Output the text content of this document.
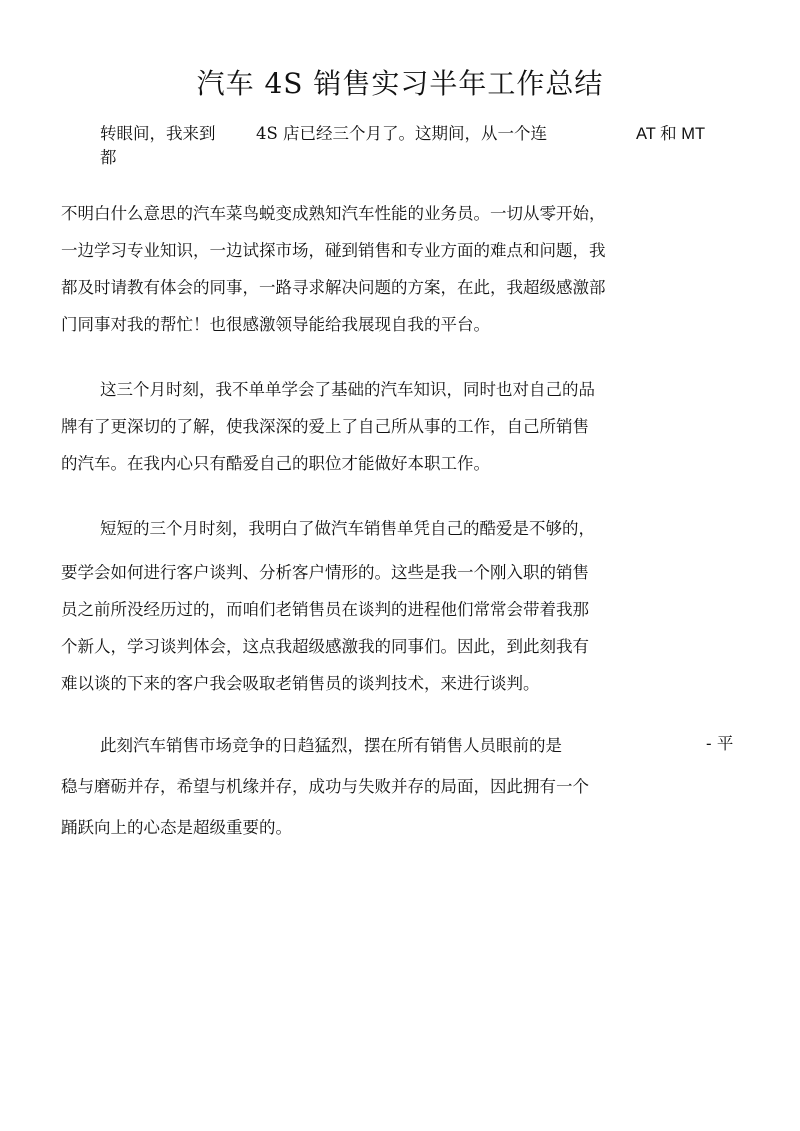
汽车 4S 销售实习半年工作总结
转眼间，我来到 4S 店已经三个月了。这期间，从一个连	AT 和 MT
都
不明白什么意思的汽车菜鸟蜕变成熟知汽车性能的业务员。一切从零开始，
一边学习专业知识，一边试探市场，碰到销售和专业方面的难点和问题，我
都及时请教有体会的同事，一路寻求解决问题的方案，在此，我超级感激部
门同事对我的帮忙！也很感激领导能给我展现自我的平台。
这三个月时刻，我不单单学会了基础的汽车知识，同时也对自己的品
牌有了更深切的了解，使我深深的爱上了自己所从事的工作，自己所销售
的汽车。在我内心只有酷爱自己的职位才能做好本职工作。
短短的三个月时刻，我明白了做汽车销售单凭自己的酷爱是不够的，
要学会如何进行客户谈判、分析客户情形的。这些是我一个刚入职的销售
员之前所没经历过的，而咱们老销售员在谈判的进程他们常常会带着我那
个新人，学习谈判体会，这点我超级感激我的同事们。因此，到此刻我有
难以谈的下来的客户我会吸取老销售员的谈判技术，来进行谈判。
此刻汽车销售市场竞争的日趋猛烈，摆在所有销售人员眼前的是	- 平
稳与磨砺并存，希望与机缘并存，成功与失败并存的局面，因此拥有一个
踊跃向上的心态是超级重要的。
